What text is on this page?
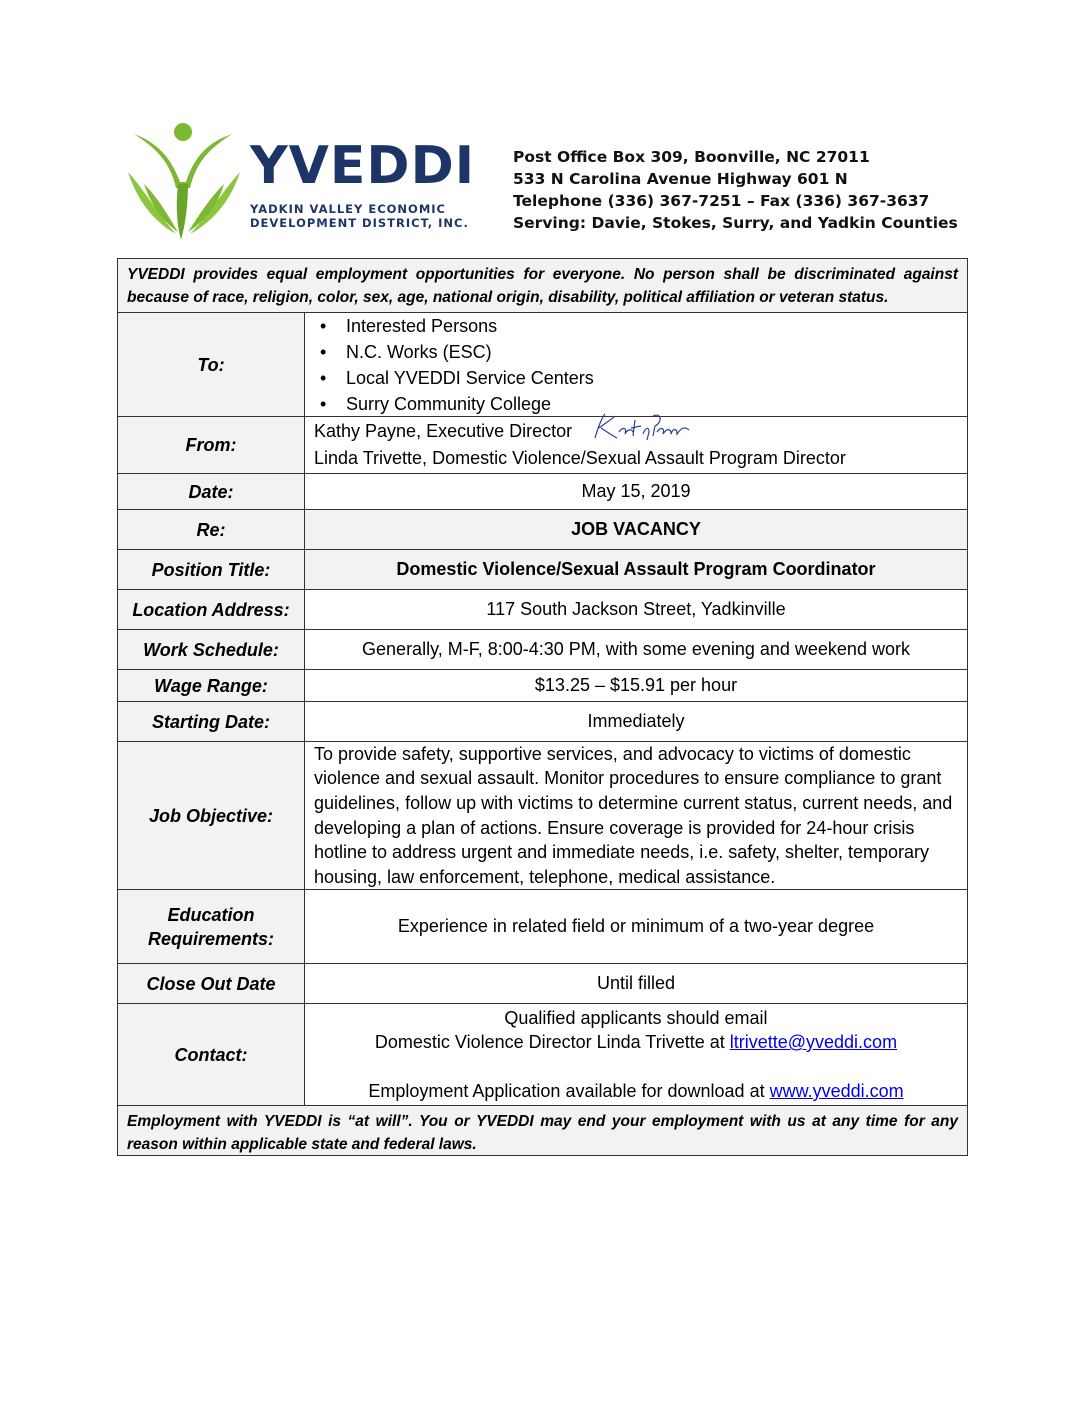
YVEDDI
YADKIN VALLEY ECONOMIC
DEVELOPMENT DISTRICT, INC.
Post Office Box 309, Boonville, NC 27011
533 N Carolina Avenue Highway 601 N
Telephone (336) 367-7251 – Fax (336) 367-3637
Serving: Davie, Stokes, Surry, and Yadkin Counties
YVEDDI provides equal employment opportunities for everyone. No person shall be discriminated against because of race, religion, color, sex, age, national origin, disability, political affiliation or veteran status.
To:
• Interested Persons
• N.C. Works (ESC)
• Local YVEDDI Service Centers
• Surry Community College
From:
Kathy Payne, Executive Director
Linda Trivette, Domestic Violence/Sexual Assault Program Director
Date:	May 15, 2019
Re:	JOB VACANCY
Position Title:	Domestic Violence/Sexual Assault Program Coordinator
Location Address:	117 South Jackson Street, Yadkinville
Work Schedule:	Generally, M-F, 8:00-4:30 PM, with some evening and weekend work
Wage Range:	$13.25 – $15.91 per hour
Starting Date:	Immediately
Job Objective:
To provide safety, supportive services, and advocacy to victims of domestic violence and sexual assault. Monitor procedures to ensure compliance to grant guidelines, follow up with victims to determine current status, current needs, and developing a plan of actions. Ensure coverage is provided for 24-hour crisis hotline to address urgent and immediate needs, i.e. safety, shelter, temporary housing, law enforcement, telephone, medical assistance.
Education
Requirements:
Experience in related field or minimum of a two-year degree
Close Out Date	Until filled
Contact:
Qualified applicants should email
Domestic Violence Director Linda Trivette at ltrivette@yveddi.com
Employment Application available for download at www.yveddi.com
Employment with YVEDDI is “at will”. You or YVEDDI may end your employment with us at any time for any reason within applicable state and federal laws.
